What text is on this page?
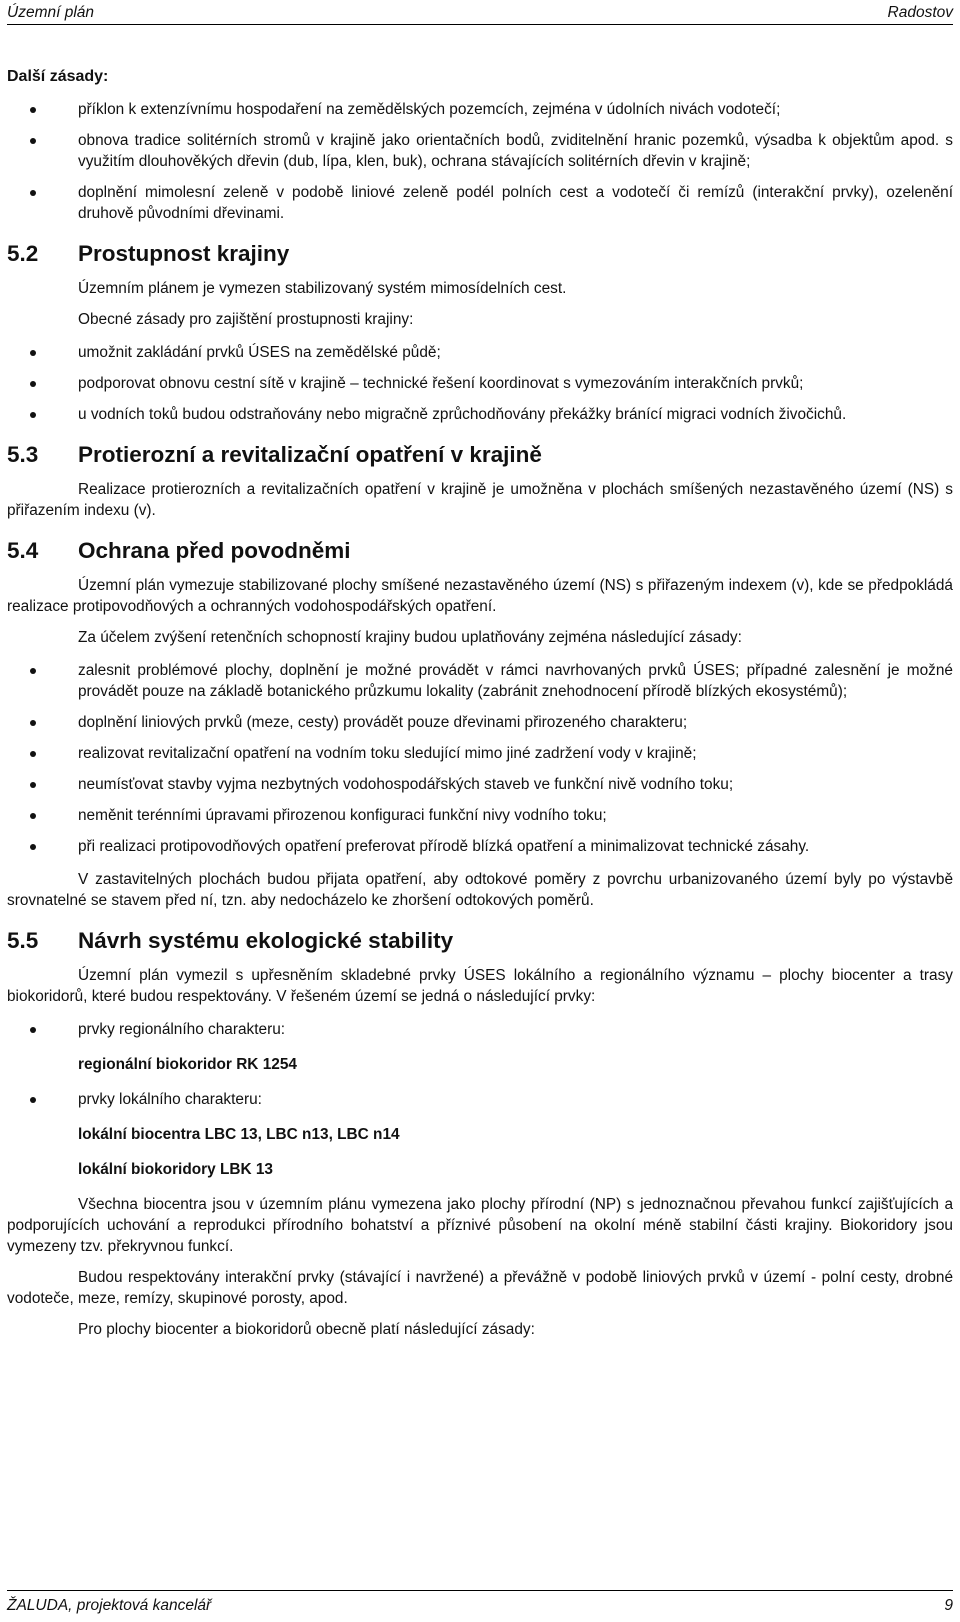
Územní plán	Radostov
Další zásady:
příklon k extenzívnímu hospodaření na zemědělských pozemcích, zejména v údolních nivách vodotečí;
obnova tradice solitérních stromů v krajině jako orientačních bodů, zviditelnění hranic pozemků, výsadba k objektům apod. s využitím dlouhověkých dřevin (dub, lípa, klen, buk), ochrana stávajících solitérních dřevin v krajině;
doplnění mimolesní zeleně v podobě liniové zeleně podél polních cest a vodotečí či remízů (interakční prvky), ozelenění druhově původními dřevinami.
5.2	Prostupnost krajiny

Územním plánem je vymezen stabilizovaný systém mimosídelních cest.

Obecné zásady pro zajištění prostupnosti krajiny:

umožnit zakládání prvků ÚSES na zemědělské půdě;
podporovat obnovu cestní sítě v krajině – technické řešení koordinovat s vymezováním interakčních prvků;
u vodních toků budou odstraňovány nebo migračně zprůchodňovány překážky bránící migraci vodních živočichů.
5.3	Protierozní a revitalizační opatření v krajině

Realizace protierozních a revitalizačních opatření v krajině je umožněna v plochách smíšených nezastavěného území (NS) s přiřazením indexu (v).

5.4	Ochrana před povodněmi

Územní plán vymezuje stabilizované plochy smíšené nezastavěného území (NS) s přiřazeným indexem (v), kde se předpokládá realizace protipovodňových a ochranných vodohospodářských opatření.

Za účelem zvýšení retenčních schopností krajiny budou uplatňovány zejména následující zásady:

zalesnit problémové plochy, doplnění je možné provádět v rámci navrhovaných prvků ÚSES; případné zalesnění je možné provádět pouze na základě botanického průzkumu lokality (zabránit znehodnocení přírodě blízkých ekosystémů);
doplnění liniových prvků (meze, cesty) provádět pouze dřevinami přirozeného charakteru;
realizovat revitalizační opatření na vodním toku sledující mimo jiné zadržení vody v krajině;
neumísťovat stavby vyjma nezbytných vodohospodářských staveb ve funkční nivě vodního toku;
neměnit terénními úpravami přirozenou konfiguraci funkční nivy vodního toku;
při realizaci protipovodňových opatření preferovat přírodě blízká opatření a minimalizovat technické zásahy.

V zastavitelných plochách budou přijata opatření, aby odtokové poměry z povrchu urbanizovaného území byly po výstavbě srovnatelné se stavem před ní, tzn. aby nedocházelo ke zhoršení odtokových poměrů.

5.5	Návrh systému ekologické stability

Územní plán vymezil s upřesněním skladebné prvky ÚSES lokálního a regionálního významu – plochy biocenter a trasy biokoridorů, které budou respektovány. V řešeném území se jedná o následující prvky:

prvky regionálního charakteru:

regionální biokoridor RK 1254

prvky lokálního charakteru:

lokální biocentra LBC 13, LBC n13, LBC n14

lokální biokoridory LBK 13

Všechna biocentra jsou v územním plánu vymezena jako plochy přírodní (NP) s jednoznačnou převahou funkcí zajišťujících a podporujících uchování a reprodukci přírodního bohatství a příznivé působení na okolní méně stabilní části krajiny. Biokoridory jsou vymezeny tzv. překryvnou funkcí.

Budou respektovány interakční prvky (stávající i navržené) a převážně v podobě liniových prvků v území - polní cesty, drobné vodoteče, meze, remízy, skupinové porosty, apod.

Pro plochy biocenter a biokoridorů obecně platí následující zásady:

ŽALUDA, projektová kancelář	9
